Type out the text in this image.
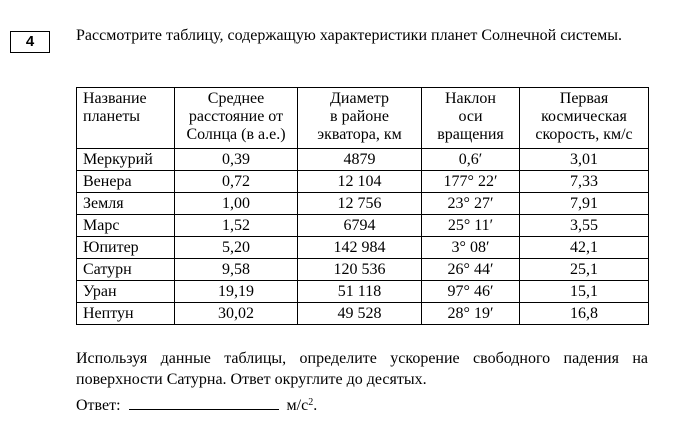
4	Рассмотрите таблицу, содержащую характеристики планет Солнечной системы.

Название
планеты	Среднее
расстояние от
Солнца (в а.е.)	Диаметр
в районе
экватора, км	Наклон
оси
вращения	Первая
космическая
скорость, км/с
Меркурий	0,39	4879	0,6′	3,01
Венера	0,72	12 104	177° 22′	7,33
Земля	1,00	12 756	23° 27′	7,91
Марс	1,52	6794	25° 11′	3,55
Юпитер	5,20	142 984	3° 08′	42,1
Сатурн	9,58	120 536	26° 44′	25,1
Уран	19,19	51 118	97° 46′	15,1
Нептун	30,02	49 528	28° 19′	16,8

Используя данные таблицы, определите ускорение свободного падения на поверхности Сатурна. Ответ округлите до десятых.

Ответ:	$м/с^2$.
